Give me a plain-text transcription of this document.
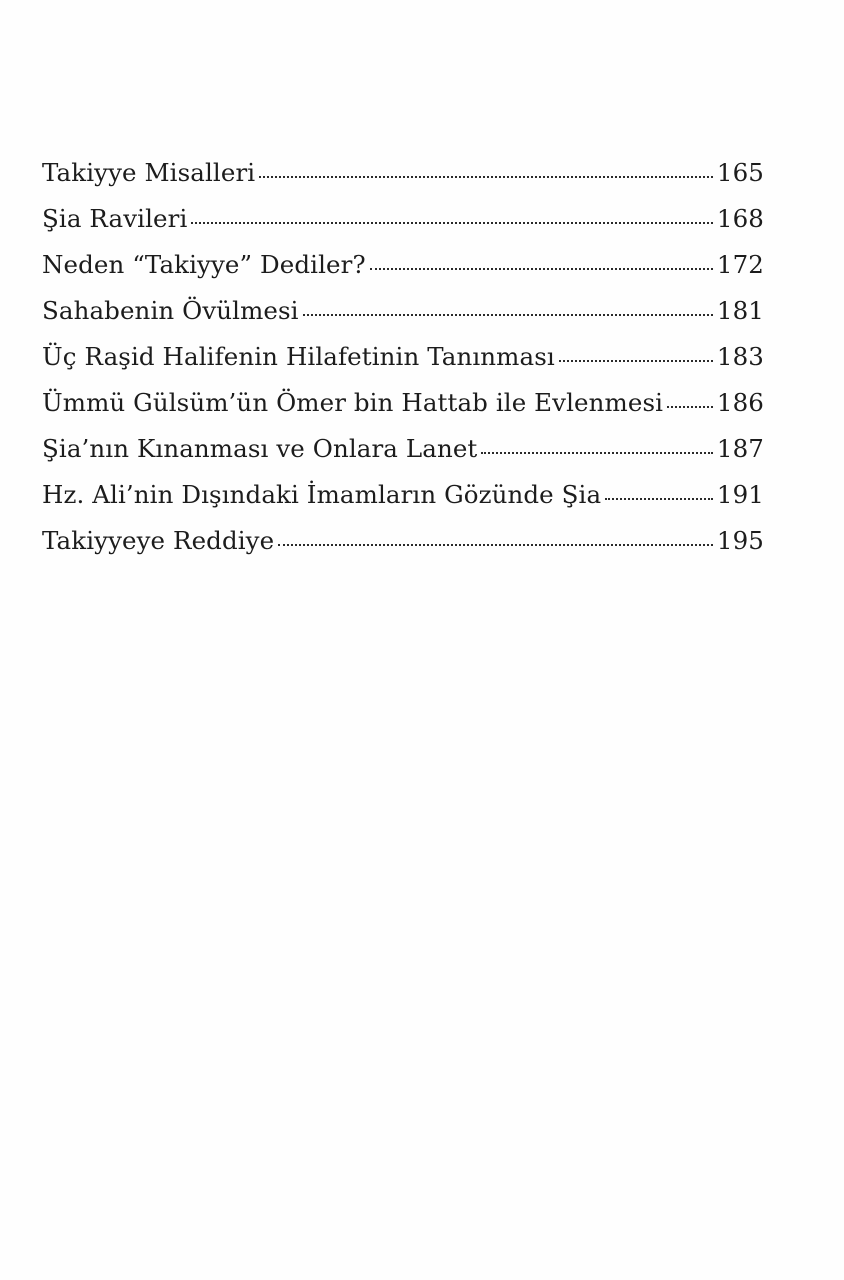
Takiyye Misalleri	165
Şia Ravileri	168
Neden “Takiyye” Dediler?	172
Sahabenin Övülmesi	181
Üç Raşid Halifenin Hilafetinin Tanınması	183
Ümmü Gülsüm’ün Ömer bin Hattab ile Evlenmesi 186
Şia’nın Kınanması ve Onlara Lanet	187
Hz. Ali’nin Dışındaki İmamların Gözünde Şia	191
Takiyyeye Reddiye	195
